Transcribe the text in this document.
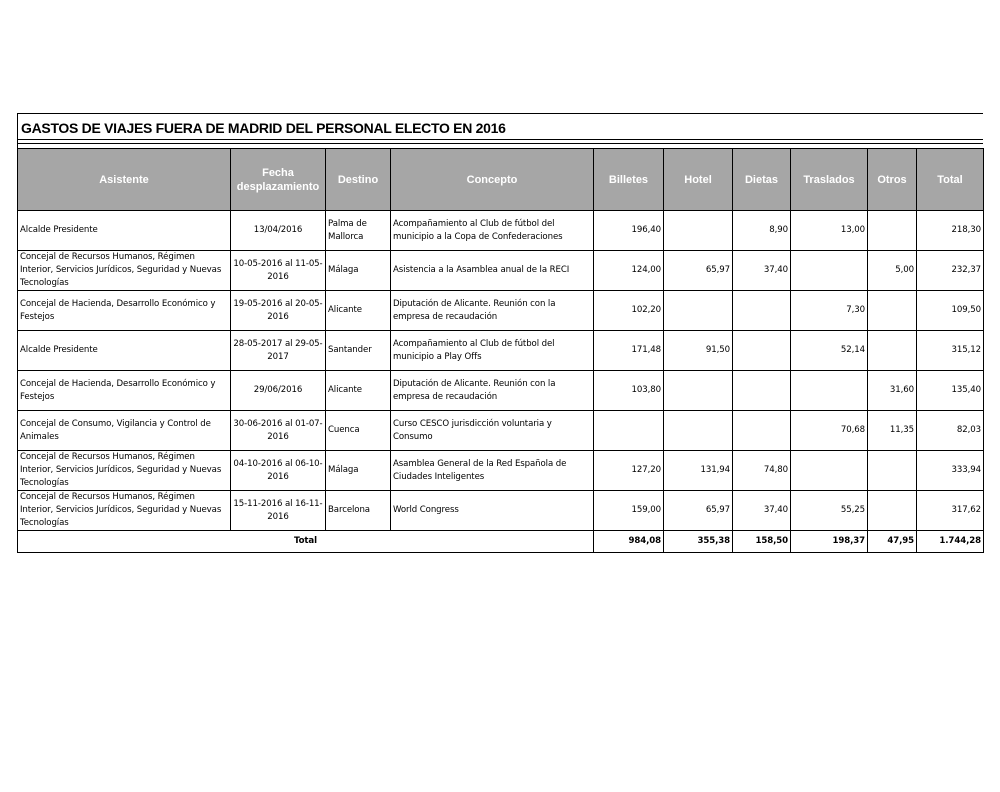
GASTOS DE VIAJES FUERA DE MADRID DEL PERSONAL ELECTO EN 2016
Asistente	Fecha desplazamiento	Destino	Concepto	Billetes	Hotel	Dietas	Traslados	Otros	Total
Alcalde Presidente	13/04/2016	Palma de Mallorca	Acompañamiento al Club de fútbol del municipio a la Copa de Confederaciones	196,40		8,90	13,00		218,30
Concejal de Recursos Humanos, Régimen Interior, Servicios Jurídicos, Seguridad y Nuevas Tecnologías	10-05-2016 al 11-05-2016	Málaga	Asistencia a la Asamblea anual de la RECI	124,00	65,97	37,40		5,00	232,37
Concejal de Hacienda, Desarrollo Económico y Festejos	19-05-2016 al 20-05-2016	Alicante	Diputación de Alicante. Reunión con la empresa de recaudación	102,20			7,30		109,50
Alcalde Presidente	28-05-2017 al 29-05-2017	Santander	Acompañamiento al Club de fútbol del municipio a Play Offs	171,48	91,50		52,14		315,12
Concejal de Hacienda, Desarrollo Económico y Festejos	29/06/2016	Alicante	Diputación de Alicante. Reunión con la empresa de recaudación	103,80				31,60	135,40
Concejal de Consumo, Vigilancia y Control de Animales	30-06-2016 al 01-07-2016	Cuenca	Curso CESCO jurisdicción voluntaria y Consumo				70,68	11,35	82,03
Concejal de Recursos Humanos, Régimen Interior, Servicios Jurídicos, Seguridad y Nuevas Tecnologías	04-10-2016 al 06-10-2016	Málaga	Asamblea General de la Red Española de Ciudades Inteligentes	127,20	131,94	74,80			333,94
Concejal de Recursos Humanos, Régimen Interior, Servicios Jurídicos, Seguridad y Nuevas Tecnologías	15-11-2016 al 16-11-2016	Barcelona	World Congress	159,00	65,97	37,40	55,25		317,62
Total				984,08	355,38	158,50	198,37	47,95	1.744,28
